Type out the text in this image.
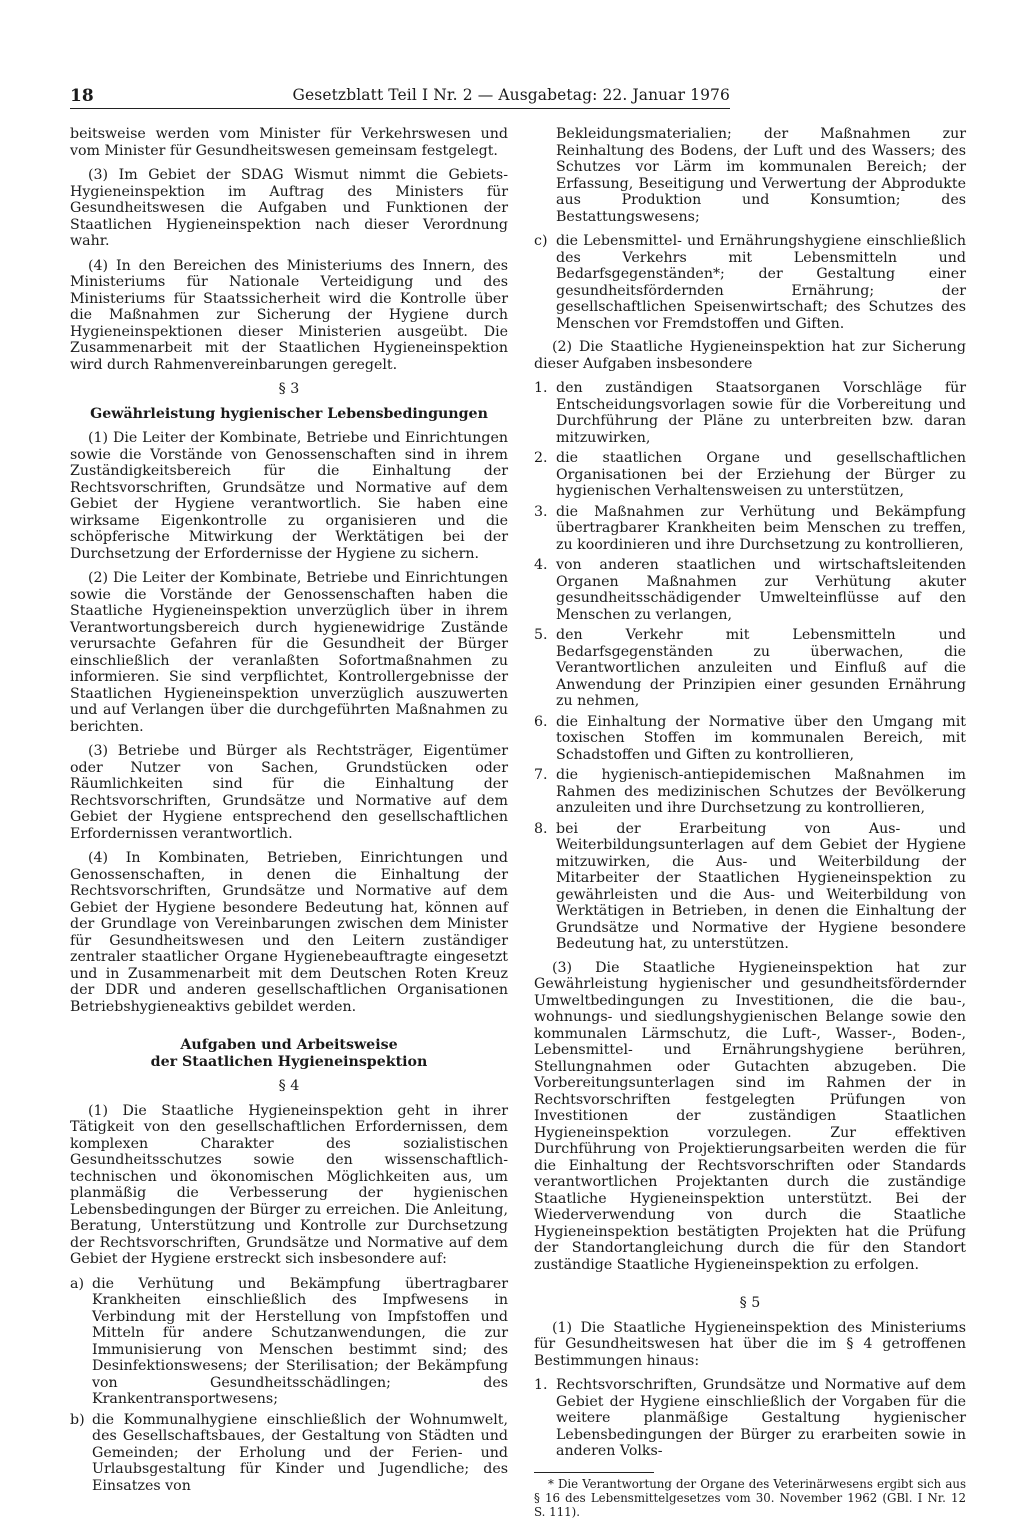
18	Gesetzblatt Teil I Nr. 2 — Ausgabetag: 22. Januar 1976

beitsweise werden vom Minister für Verkehrswesen und vom Minister für Gesundheitswesen gemeinsam festgelegt.

(3) Im Gebiet der SDAG Wismut nimmt die Gebiets-Hygieneinspektion im Auftrag des Ministers für Gesundheitswesen die Aufgaben und Funktionen der Staatlichen Hygieneinspektion nach dieser Verordnung wahr.

(4) In den Bereichen des Ministeriums des Innern, des Ministeriums für Nationale Verteidigung und des Ministeriums für Staatssicherheit wird die Kontrolle über die Maßnahmen zur Sicherung der Hygiene durch Hygieneinspektionen dieser Ministerien ausgeübt. Die Zusammenarbeit mit der Staatlichen Hygieneinspektion wird durch Rahmenvereinbarungen geregelt.

§ 3

Gewährleistung hygienischer Lebensbedingungen

(1) Die Leiter der Kombinate, Betriebe und Einrichtungen sowie die Vorstände von Genossenschaften sind in ihrem Zuständigkeitsbereich für die Einhaltung der Rechtsvorschriften, Grundsätze und Normative auf dem Gebiet der Hygiene verantwortlich. Sie haben eine wirksame Eigenkontrolle zu organisieren und die schöpferische Mitwirkung der Werktätigen bei der Durchsetzung der Erfordernisse der Hygiene zu sichern.

(2) Die Leiter der Kombinate, Betriebe und Einrichtungen sowie die Vorstände der Genossenschaften haben die Staatliche Hygieneinspektion unverzüglich über in ihrem Verantwortungsbereich durch hygienewidrige Zustände verursachte Gefahren für die Gesundheit der Bürger einschließlich der veranlaßten Sofortmaßnahmen zu informieren. Sie sind verpflichtet, Kontrollergebnisse der Staatlichen Hygieneinspektion unverzüglich auszuwerten und auf Verlangen über die durchgeführten Maßnahmen zu berichten.

(3) Betriebe und Bürger als Rechtsträger, Eigentümer oder Nutzer von Sachen, Grundstücken oder Räumlichkeiten sind für die Einhaltung der Rechtsvorschriften, Grundsätze und Normative auf dem Gebiet der Hygiene entsprechend den gesellschaftlichen Erfordernissen verantwortlich.

(4) In Kombinaten, Betrieben, Einrichtungen und Genossenschaften, in denen die Einhaltung der Rechtsvorschriften, Grundsätze und Normative auf dem Gebiet der Hygiene besondere Bedeutung hat, können auf der Grundlage von Vereinbarungen zwischen dem Minister für Gesundheitswesen und den Leitern zuständiger zentraler staatlicher Organe Hygienebeauftragte eingesetzt und in Zusammenarbeit mit dem Deutschen Roten Kreuz der DDR und anderen gesellschaftlichen Organisationen Betriebshygieneaktivs gebildet werden.

Aufgaben und Arbeitsweise

der Staatlichen Hygieneinspektion

§ 4

(1) Die Staatliche Hygieneinspektion geht in ihrer Tätigkeit von den gesellschaftlichen Erfordernissen, dem komplexen Charakter des sozialistischen Gesundheitsschutzes sowie den wissenschaftlich-technischen und ökonomischen Möglichkeiten aus, um planmäßig die Verbesserung der hygienischen Lebensbedingungen der Bürger zu erreichen. Die Anleitung, Beratung, Unterstützung und Kontrolle zur Durchsetzung der Rechtsvorschriften, Grundsätze und Normative auf dem Gebiet der Hygiene erstreckt sich insbesondere auf:

a) die Verhütung und Bekämpfung übertragbarer Krankheiten einschließlich des Impfwesens in Verbindung mit der Herstellung von Impfstoffen und Mitteln für andere Schutzanwendungen, die zur Immunisierung von Menschen bestimmt sind; des Desinfektionswesens; der Sterilisation; der Bekämpfung von Gesundheitsschädlingen; des Krankentransportwesens;
b) die Kommunalhygiene einschließlich der Wohnumwelt, des Gesellschaftsbaues, der Gestaltung von Städten und Gemeinden; der Erholung und der Ferien- und Urlaubsgestaltung für Kinder und Jugendliche; des Einsatzes von

Bekleidungsmaterialien; der Maßnahmen zur Reinhaltung des Bodens, der Luft und des Wassers; des Schutzes vor Lärm im kommunalen Bereich; der Erfassung, Beseitigung und Verwertung der Abprodukte aus Produktion und Konsumtion; des Bestattungswesens;

c) die Lebensmittel- und Ernährungshygiene einschließlich des Verkehrs mit Lebensmitteln und Bedarfsgegenständen*; der Gestaltung einer gesundheitsfördernden Ernährung; der gesellschaftlichen Speisenwirtschaft; des Schutzes des Menschen vor Fremdstoffen und Giften.

(2) Die Staatliche Hygieneinspektion hat zur Sicherung dieser Aufgaben insbesondere

1. den zuständigen Staatsorganen Vorschläge für Entscheidungsvorlagen sowie für die Vorbereitung und Durchführung der Pläne zu unterbreiten bzw. daran mitzuwirken,
2. die staatlichen Organe und gesellschaftlichen Organisationen bei der Erziehung der Bürger zu hygienischen Verhaltensweisen zu unterstützen,
3. die Maßnahmen zur Verhütung und Bekämpfung übertragbarer Krankheiten beim Menschen zu treffen, zu koordinieren und ihre Durchsetzung zu kontrollieren,
4. von anderen staatlichen und wirtschaftsleitenden Organen Maßnahmen zur Verhütung akuter gesundheitsschädigender Umwelteinflüsse auf den Menschen zu verlangen,
5. den Verkehr mit Lebensmitteln und Bedarfsgegenständen zu überwachen, die Verantwortlichen anzuleiten und Einfluß auf die Anwendung der Prinzipien einer gesunden Ernährung zu nehmen,
6. die Einhaltung der Normative über den Umgang mit toxischen Stoffen im kommunalen Bereich, mit Schadstoffen und Giften zu kontrollieren,
7. die hygienisch-antiepidemischen Maßnahmen im Rahmen des medizinischen Schutzes der Bevölkerung anzuleiten und ihre Durchsetzung zu kontrollieren,
8. bei der Erarbeitung von Aus- und Weiterbildungsunterlagen auf dem Gebiet der Hygiene mitzuwirken, die Aus- und Weiterbildung der Mitarbeiter der Staatlichen Hygieneinspektion zu gewährleisten und die Aus- und Weiterbildung von Werktätigen in Betrieben, in denen die Einhaltung der Grundsätze und Normative der Hygiene besondere Bedeutung hat, zu unterstützen.

(3) Die Staatliche Hygieneinspektion hat zur Gewährleistung hygienischer und gesundheitsfördernder Umweltbedingungen zu Investitionen, die die bau-, wohnungs- und siedlungshygienischen Belange sowie den kommunalen Lärmschutz, die Luft-, Wasser-, Boden-, Lebensmittel- und Ernährungshygiene berühren, Stellungnahmen oder Gutachten abzugeben. Die Vorbereitungsunterlagen sind im Rahmen der in Rechtsvorschriften festgelegten Prüfungen von Investitionen der zuständigen Staatlichen Hygieneinspektion vorzulegen. Zur effektiven Durchführung von Projektierungsarbeiten werden die für die Einhaltung der Rechtsvorschriften oder Standards verantwortlichen Projektanten durch die zuständige Staatliche Hygieneinspektion unterstützt. Bei der Wiederverwendung von durch die Staatliche Hygieneinspektion bestätigten Projekten hat die Prüfung der Standortangleichung durch die für den Standort zuständige Staatliche Hygieneinspektion zu erfolgen.

§ 5

(1) Die Staatliche Hygieneinspektion des Ministeriums für Gesundheitswesen hat über die im § 4 getroffenen Bestimmungen hinaus:

1. Rechtsvorschriften, Grundsätze und Normative auf dem Gebiet der Hygiene einschließlich der Vorgaben für die weitere planmäßige Gestaltung hygienischer Lebensbedingungen der Bürger zu erarbeiten sowie in anderen Volks-

* Die Verantwortung der Organe des Veterinärwesens ergibt sich aus § 16 des Lebensmittelgesetzes vom 30. November 1962 (GBl. I Nr. 12 S. 111).
